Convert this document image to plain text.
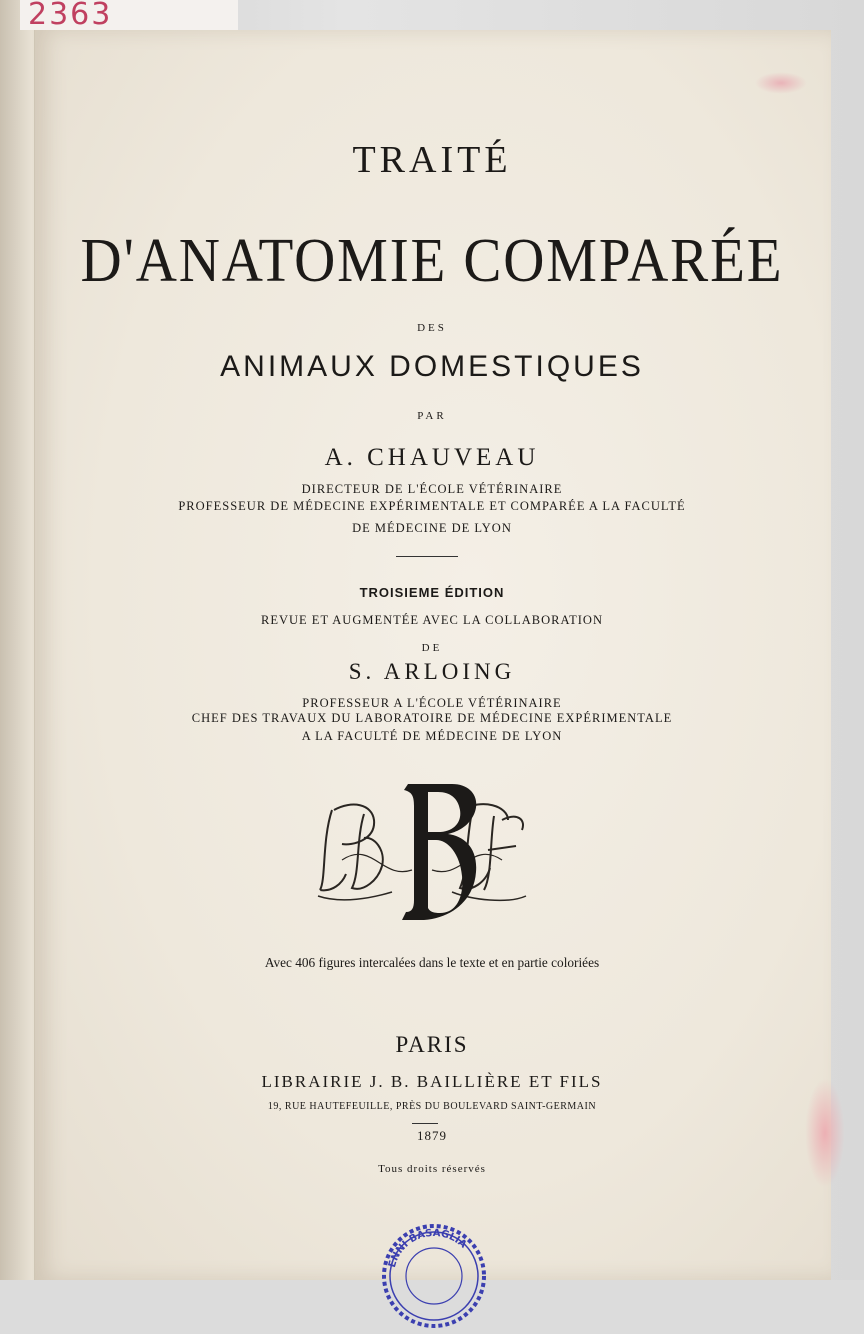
2363
TRAITÉ
D'ANATOMIE COMPARÉE
DES
ANIMAUX DOMESTIQUES
PAR
A. CHAUVEAU
DIRECTEUR DE L'ÉCOLE VÉTÉRINAIRE
PROFESSEUR DE MÉDECINE EXPÉRIMENTALE ET COMPARÉE A LA FACULTÉ
DE MÉDECINE DE LYON
TROISIEME ÉDITION
REVUE ET AUGMENTÉE AVEC LA COLLABORATION
DE
S. ARLOING
PROFESSEUR A L'ÉCOLE VÉTÉRINAIRE
CHEF DES TRAVAUX DU LABORATOIRE DE MÉDECINE EXPÉRIMENTALE
A LA FACULTÉ DE MÉDECINE DE LYON
Avec 406 figures intercalées dans le texte et en partie coloriées
PARIS
LIBRAIRIE J. B. BAILLIÈRE ET FILS
19, RUE HAUTEFEUILLE, PRÈS DU BOULEVARD SAINT-GERMAIN
1879
Tous droits réservés
ENNI BASAGLIA
